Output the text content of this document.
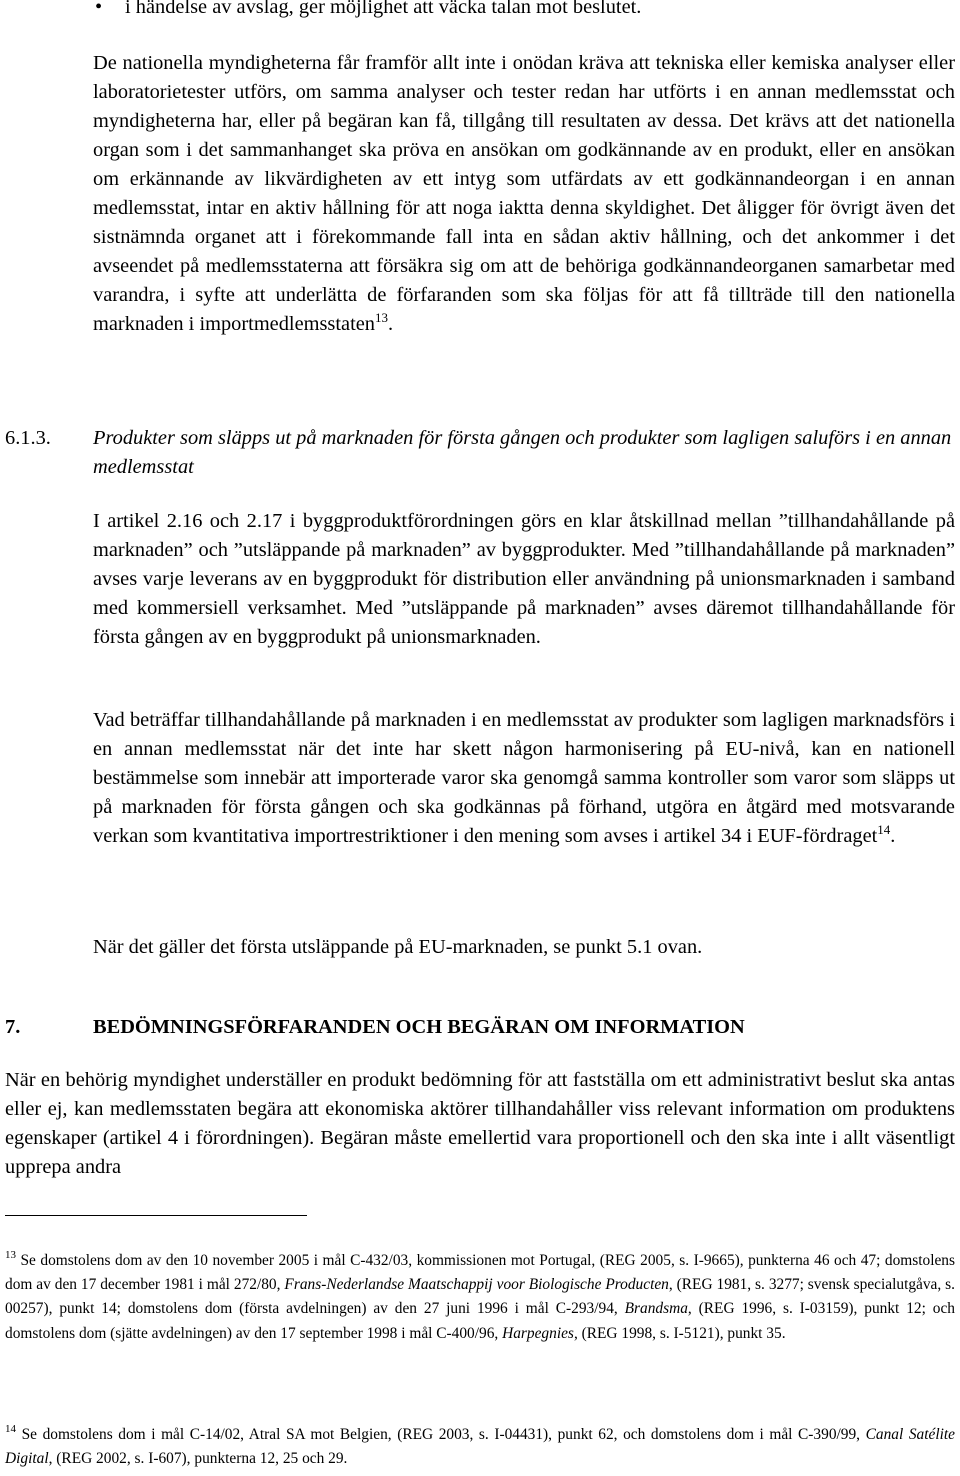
• i händelse av avslag, ger möjlighet att väcka talan mot beslutet.
De nationella myndigheterna får framför allt inte i onödan kräva att tekniska eller kemiska analyser eller laboratorietester utförs, om samma analyser och tester redan har utförts i en annan medlemsstat och myndigheterna har, eller på begäran kan få, tillgång till resultaten av dessa. Det krävs att det nationella organ som i det sammanhanget ska pröva en ansökan om godkännande av en produkt, eller en ansökan om erkännande av likvärdigheten av ett intyg som utfärdats av ett godkännandeorgan i en annan medlemsstat, intar en aktiv hållning för att noga iaktta denna skyldighet. Det åligger för övrigt även det sistnämnda organet att i förekommande fall inta en sådan aktiv hållning, och det ankommer i det avseendet på medlemsstaterna att försäkra sig om att de behöriga godkännandeorganen samarbetar med varandra, i syfte att underlätta de förfaranden som ska följas för att få tillträde till den nationella marknaden i importmedlemsstaten$^{13}$.
6.1.3. Produkter som släpps ut på marknaden för första gången och produkter som lagligen saluförs i en annan medlemsstat
I artikel 2.16 och 2.17 i byggproduktförordningen görs en klar åtskillnad mellan ”tillhandahållande på marknaden” och ”utsläppande på marknaden” av byggprodukter. Med ”tillhandahållande på marknaden” avses varje leverans av en byggprodukt för distribution eller användning på unionsmarknaden i samband med kommersiell verksamhet. Med ”utsläppande på marknaden” avses däremot tillhandahållande för första gången av en byggprodukt på unionsmarknaden.
Vad beträffar tillhandahållande på marknaden i en medlemsstat av produkter som lagligen marknadsförs i en annan medlemsstat när det inte har skett någon harmonisering på EU-nivå, kan en nationell bestämmelse som innebär att importerade varor ska genomgå samma kontroller som varor som släpps ut på marknaden för första gången och ska godkännas på förhand, utgöra en åtgärd med motsvarande verkan som kvantitativa importrestriktioner i den mening som avses i artikel 34 i EUF-fördraget$^{14}$.
När det gäller det första utsläppande på EU-marknaden, se punkt 5.1 ovan.
7.	BEDÖMNINGSFÖRFARANDEN OCH BEGÄRAN OM INFORMATION
När en behörig myndighet underställer en produkt bedömning för att fastställa om ett administrativt beslut ska antas eller ej, kan medlemsstaten begära att ekonomiska aktörer tillhandahåller viss relevant information om produktens egenskaper (artikel 4 i förordningen). Begäran måste emellertid vara proportionell och den ska inte i allt väsentligt upprepa andra
$^{13}$ Se domstolens dom av den 10 november 2005 i mål C-432/03, kommissionen mot Portugal, (REG 2005, s. I-9665), punkterna 46 och 47; domstolens dom av den 17 december 1981 i mål 272/80, Frans-Nederlandse Maatschappij voor Biologische Producten, (REG 1981, s. 3277; svensk specialutgåva, s. 00257), punkt 14; domstolens dom (första avdelningen) av den 27 juni 1996 i mål C-293/94, Brandsma, (REG 1996, s. I-03159), punkt 12; och domstolens dom (sjätte avdelningen) av den 17 september 1998 i mål C-400/96, Harpegnies, (REG 1998, s. I-5121), punkt 35.
$^{14}$ Se domstolens dom i mål C-14/02, Atral SA mot Belgien, (REG 2003, s. I-04431), punkt 62, och domstolens dom i mål C-390/99, Canal Satélite Digital, (REG 2002, s. I-607), punkterna 12, 25 och 29.
